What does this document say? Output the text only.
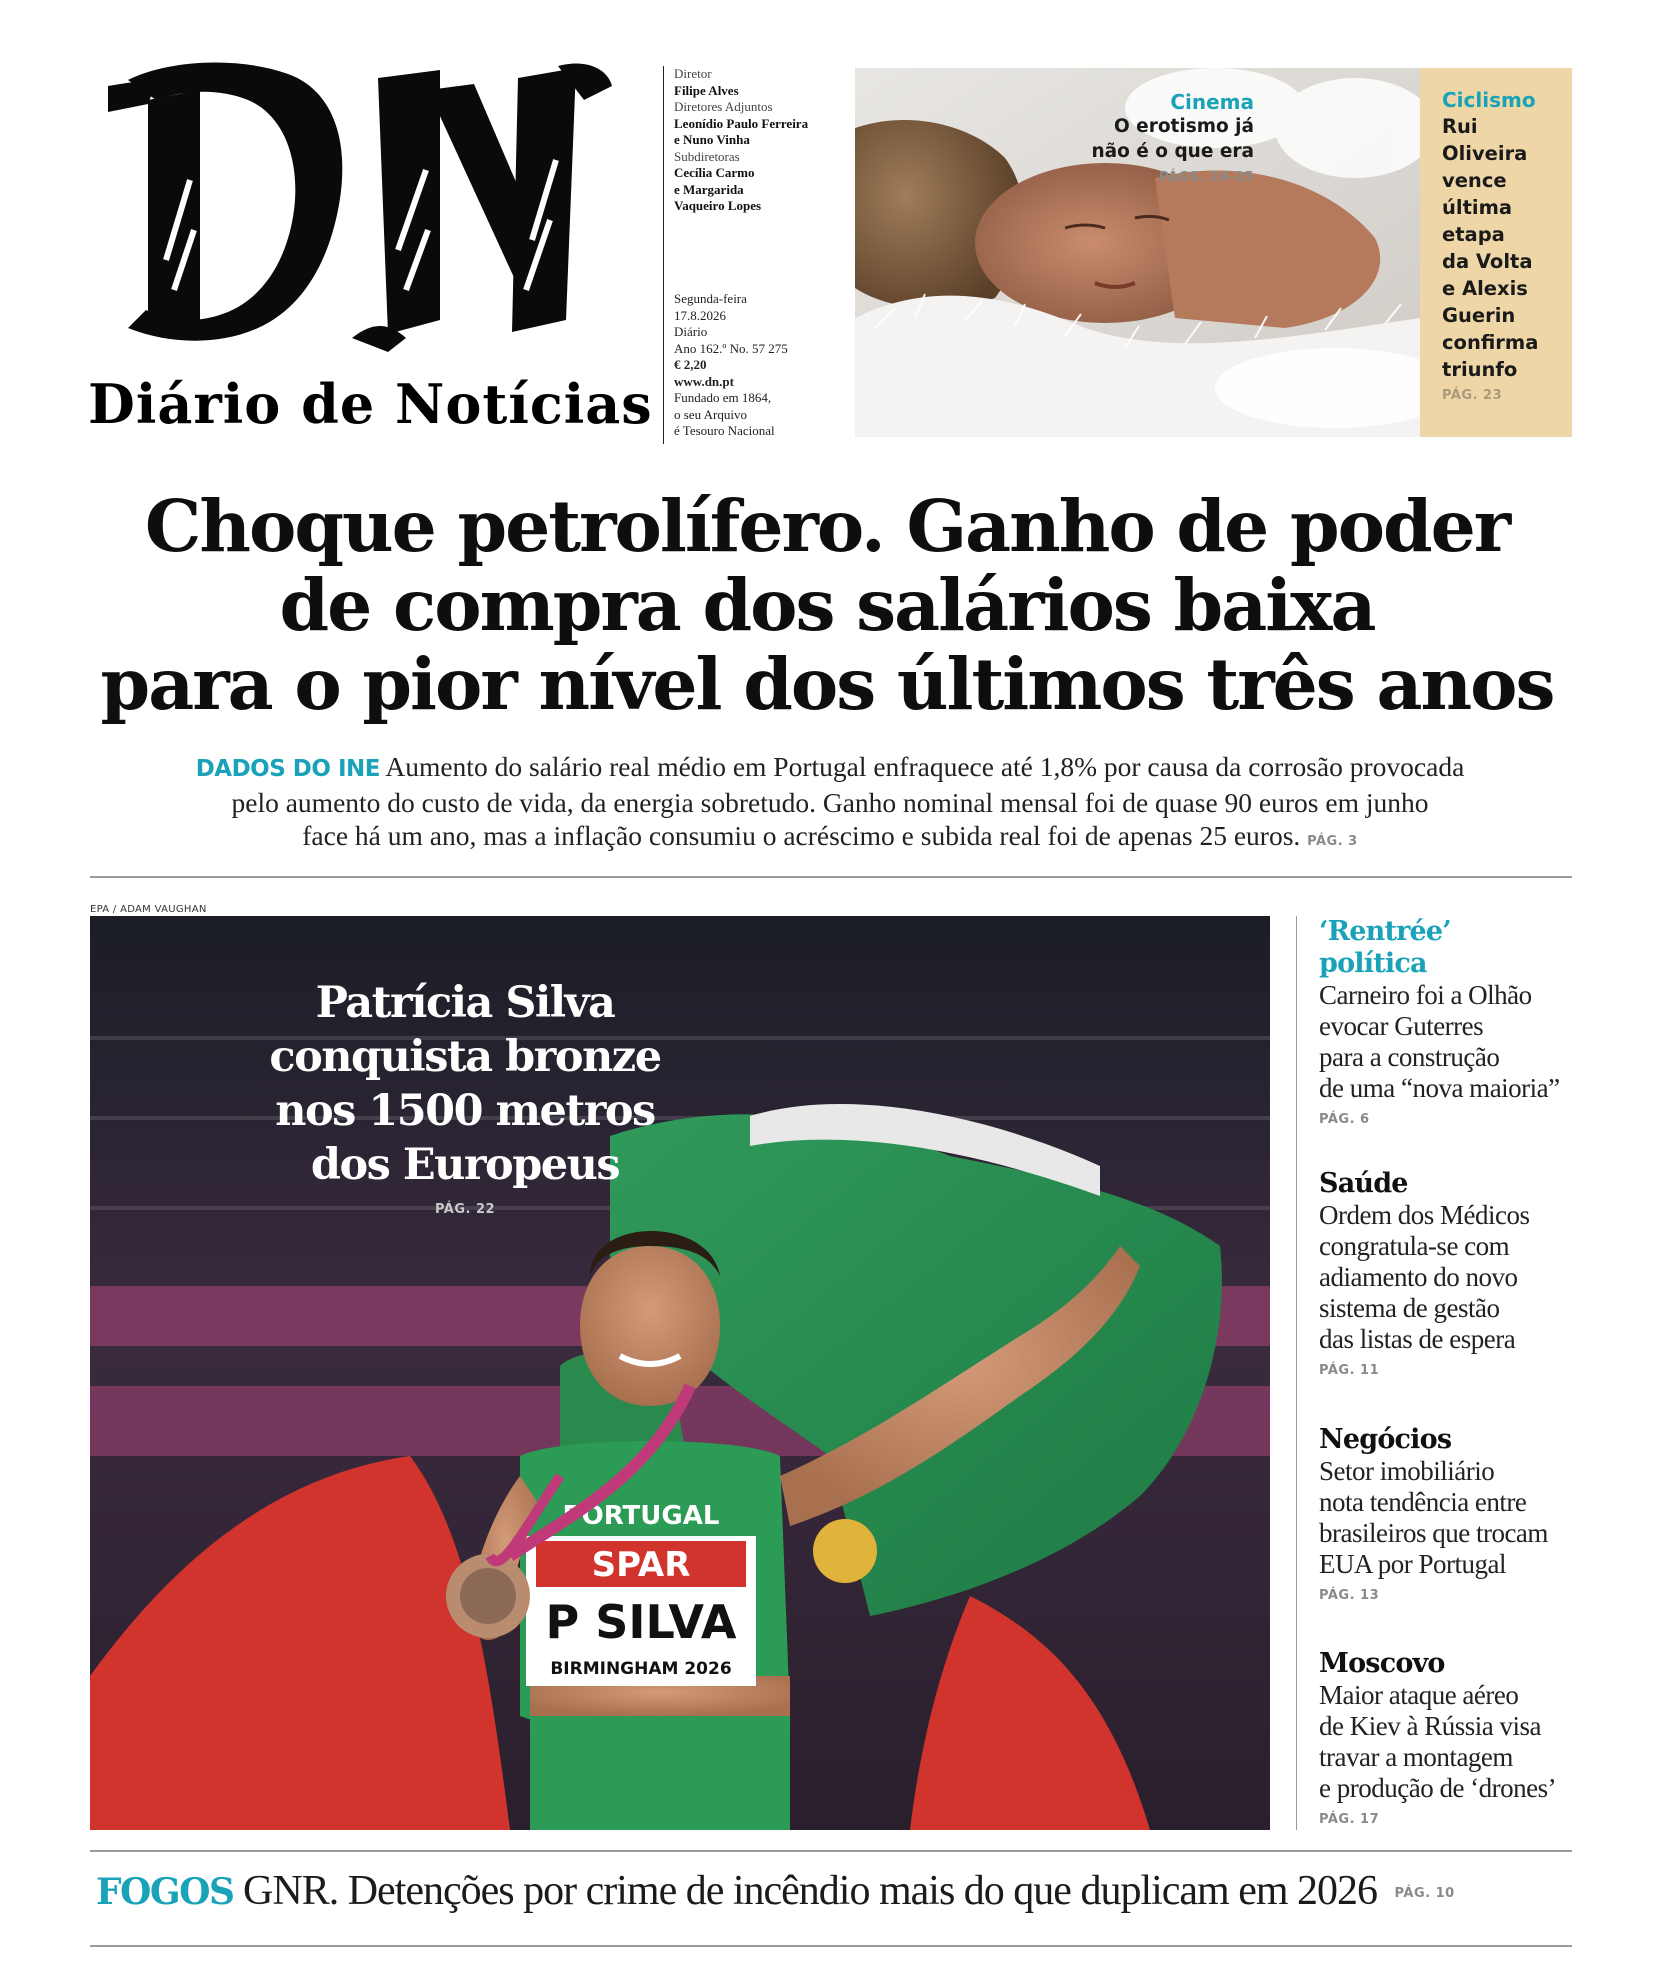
Diário de Notícias
Diretor
Filipe Alves
Diretores Adjuntos
Leonídio Paulo Ferreira
e Nuno Vinha
Subdiretoras
Cecília Carmo
e Margarida
Vaqueiro Lopes
Segunda-feira
17.8.2026
Diário
Ano 162.º No. 57 275
€ 2,20
www.dn.pt
Fundado em 1864,
o seu Arquivo
é Tesouro Nacional
Cinema
O erotismo já
não é o que era
PÁGS. 24-25
Ciclismo
Rui
Oliveira
vence
última
etapa
da Volta
e Alexis
Guerin
confirma
triunfo
PÁG. 23
Choque petrolífero. Ganho de poder
de compra dos salários baixa
para o pior nível dos últimos três anos
DADOS DO INE Aumento do salário real médio em Portugal enfraquece até 1,8% por causa da corrosão provocada
pelo aumento do custo de vida, da energia sobretudo. Ganho nominal mensal foi de quase 90 euros em junho
face há um ano, mas a inflação consumiu o acréscimo e subida real foi de apenas 25 euros. PÁG. 3
EPA / ADAM VAUGHAN
SPAR
P SILVA
BIRMINGHAM 2026
PORTUGAL
Patrícia Silva
conquista bronze
nos 1500 metros
dos Europeus
PÁG. 22
‘Rentrée’
política
Carneiro foi a Olhão
evocar Guterres
para a construção
de uma “nova maioria”
PÁG. 6
Saúde
Ordem dos Médicos
congratula-se com
adiamento do novo
sistema de gestão
das listas de espera
PÁG. 11
Negócios
Setor imobiliário
nota tendência entre
brasileiros que trocam
EUA por Portugal
PÁG. 13
Moscovo
Maior ataque aéreo
de Kiev à Rússia visa
travar a montagem
e produção de ‘drones’
PÁG. 17
FOGOS GNR. Detenções por crime de incêndio mais do que duplicam em 2026 PÁG. 10
